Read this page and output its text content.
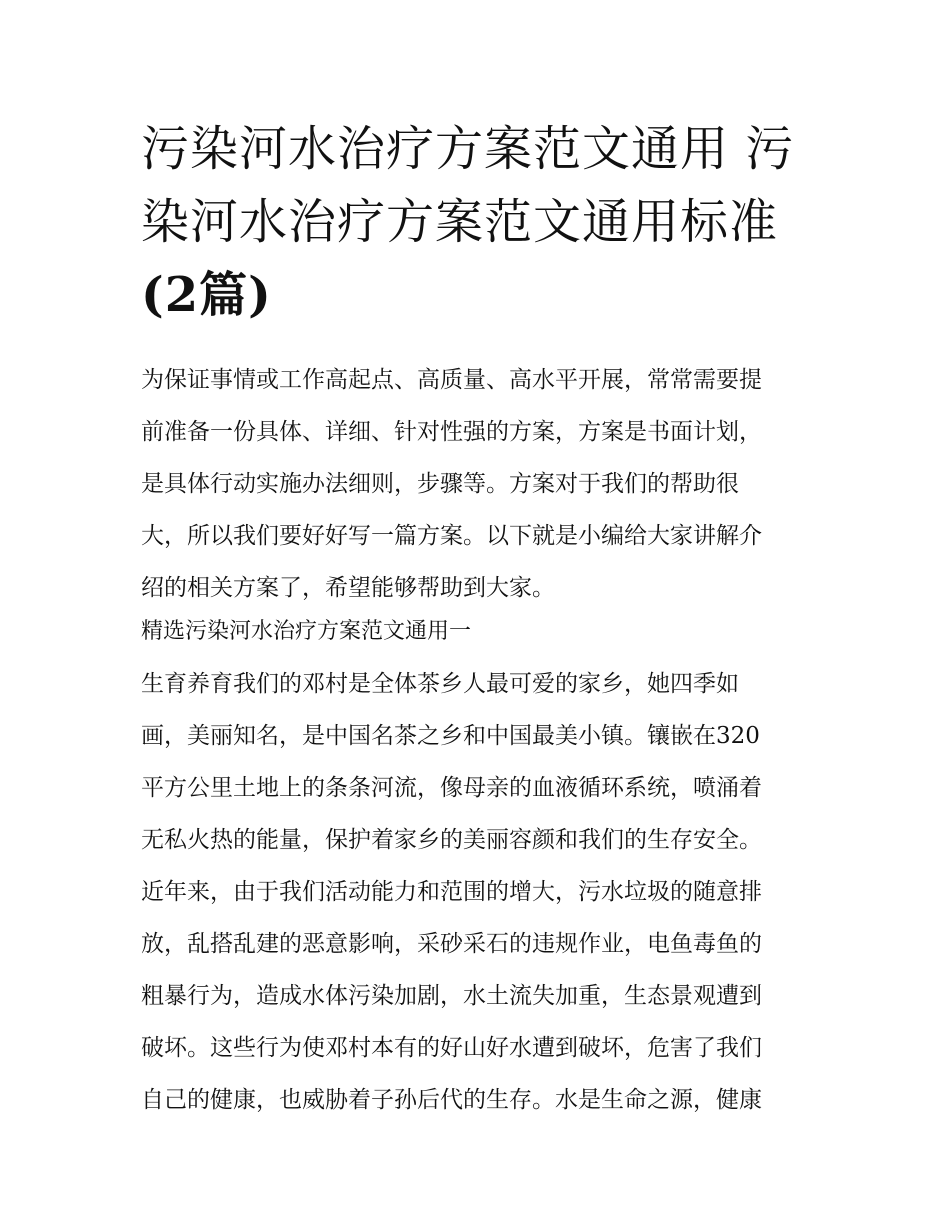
污染河水治疗方案范文通用 污染河水治疗方案范文通用标准
(2篇)
为保证事情或工作高起点、高质量、高水平开展，常常需要提
前准备一份具体、详细、针对性强的方案，方案是书面计划，
是具体行动实施办法细则，步骤等。方案对于我们的帮助很
大，所以我们要好好写一篇方案。以下就是小编给大家讲解介
绍的相关方案了，希望能够帮助到大家。
精选污染河水治疗方案范文通用一
生育养育我们的邓村是全体茶乡人最可爱的家乡，她四季如
画，美丽知名，是中国名茶之乡和中国最美小镇。镶嵌在320
平方公里土地上的条条河流，像母亲的血液循环系统，喷涌着
无私火热的能量，保护着家乡的美丽容颜和我们的生存安全。
近年来，由于我们活动能力和范围的增大，污水垃圾的随意排
放，乱搭乱建的恶意影响，采砂采石的违规作业，电鱼毒鱼的
粗暴行为，造成水体污染加剧，水土流失加重，生态景观遭到
破坏。这些行为使邓村本有的好山好水遭到破坏，危害了我们
自己的健康，也威胁着子孙后代的生存。水是生命之源，健康
